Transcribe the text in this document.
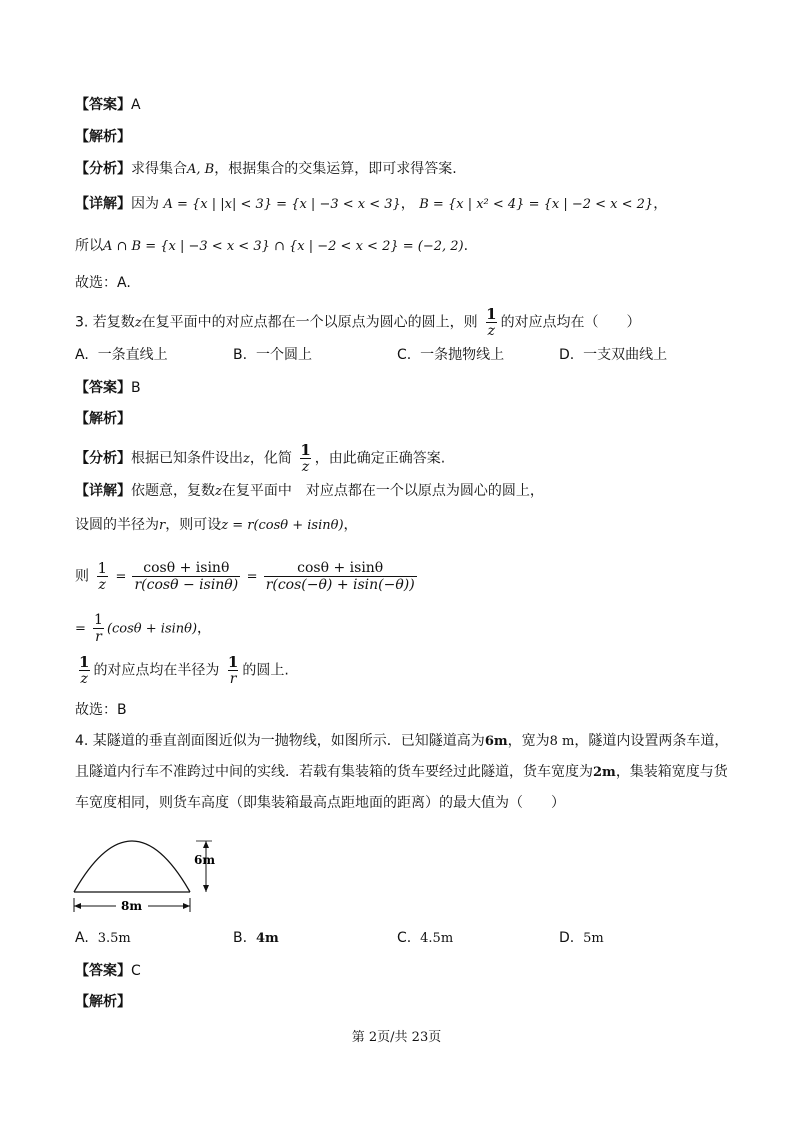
【答案】A
【解析】
【分析】求得集合A, B，根据集合的交集运算，即可求得答案.
【详解】因为 A = {x | |x| < 3} = {x | −3 < x < 3}， B = {x | x² < 4} = {x | −2 < x < 2}，
所以A ∩ B = {x | −3 < x < 3} ∩ {x | −2 < x < 2} = (−2, 2).
故选：A.
3. 若复数z在复平面中的对应点都在一个以原点为圆心的圆上，则 $\frac{1}{z}$ 的对应点均在（　　）
A. 一条直线上	B. 一个圆上	C. 一条抛物线上	D. 一支双曲线上
【答案】B
【解析】
【分析】根据已知条件设出z，化简 $\frac{1}{z}$ ，由此确定正确答案.
【详解】依题意，复数z在复平面中　对应点都在一个以原点为圆心的圆上，
设圆的半径为r，则可设z = r(cosθ + isinθ)，
则 $\frac{1}{z} = \frac{\cos\theta + isin\theta}{r(\cos\theta - isin\theta)} = \frac{\cos\theta + isin\theta}{r(\cos(-\theta) + isin(-\theta))}$
= $\frac{1}{r} (\cos\theta + isin\theta)$，
$\frac{1}{z}$ 的对应点均在半径为 $\frac{1}{r}$ 的圆上.
故选：B
4. 某隧道的垂直剖面图近似为一抛物线，如图所示．已知隧道高为6m，宽为8 m，隧道内设置两条车道，
且隧道内行车不准跨过中间的实线．若载有集装箱的货车要经过此隧道，货车宽度为2m，集装箱宽度与货
车宽度相同，则货车高度（即集装箱最高点距地面的距离）的最大值为（　　）
6m
8m
A. 3.5m	B. 4m	C. 4.5m	D. 5m
【答案】C
【解析】
第 2页/共 23页
